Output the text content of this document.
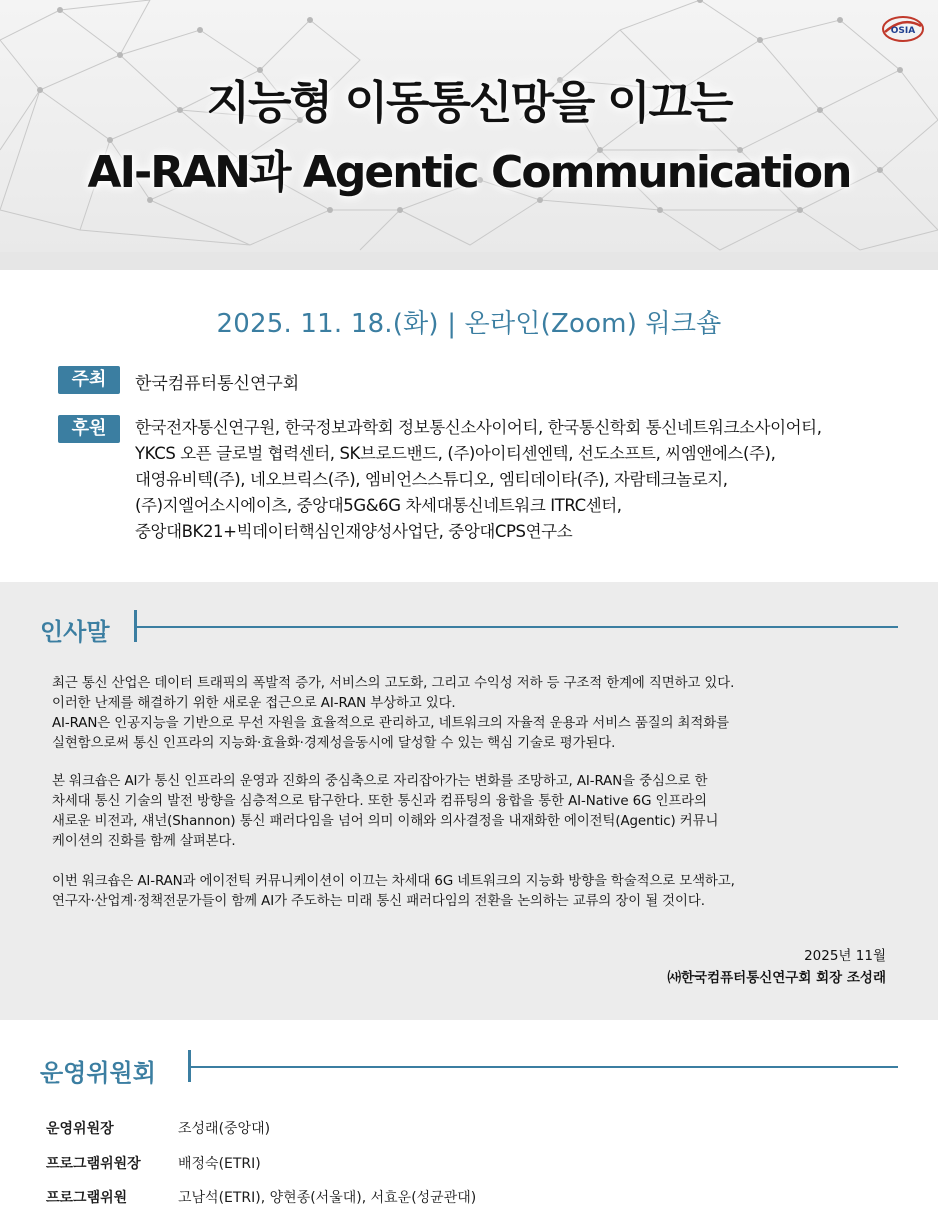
지능형 이동통신망을 이끄는
AI-RAN과 Agentic Communication
OSIA
2025. 11. 18.(화) | 온라인(Zoom) 워크숍
주최	한국컴퓨터통신연구회
후원	한국전자통신연구원, 한국정보과학회 정보통신소사이어티, 한국통신학회 통신네트워크소사이어티,
YKCS 오픈 글로벌 협력센터, SK브로드밴드, (주)아이티센엔텍, 선도소프트, 씨엠앤에스(주),
대영유비텍(주), 네오브릭스(주), 엠비언스스튜디오, 엠티데이타(주), 자람테크놀로지,
(주)지엘어소시에이츠, 중앙대5G&6G 차세대통신네트워크 ITRC센터,
중앙대BK21+빅데이터핵심인재양성사업단, 중앙대CPS연구소
인사말
최근 통신 산업은 데이터 트래픽의 폭발적 증가, 서비스의 고도화, 그리고 수익성 저하 등 구조적 한계에 직면하고 있다.
이러한 난제를 해결하기 위한 새로운 접근으로 AI-RAN 부상하고 있다.
AI-RAN은 인공지능을 기반으로 무선 자원을 효율적으로 관리하고, 네트워크의 자율적 운용과 서비스 품질의 최적화를
실현함으로써 통신 인프라의 지능화·효율화·경제성을동시에 달성할 수 있는 핵심 기술로 평가된다.
본 워크숍은 AI가 통신 인프라의 운영과 진화의 중심축으로 자리잡아가는 변화를 조망하고, AI-RAN을 중심으로 한
차세대 통신 기술의 발전 방향을 심층적으로 탐구한다. 또한 통신과 컴퓨팅의 융합을 통한 AI-Native 6G 인프라의
새로운 비전과, 섀넌(Shannon) 통신 패러다임을 넘어 의미 이해와 의사결정을 내재화한 에이전틱(Agentic) 커뮤니
케이션의 진화를 함께 살펴본다.
이번 워크숍은 AI-RAN과 에이전틱 커뮤니케이션이 이끄는 차세대 6G 네트워크의 지능화 방향을 학술적으로 모색하고,
연구자·산업계·정책전문가들이 함께 AI가 주도하는 미래 통신 패러다임의 전환을 논의하는 교류의 장이 될 것이다.
2025년 11월
㈔한국컴퓨터통신연구회 회장 조성래
운영위원회
운영위원장	조성래(중앙대)
프로그램위원장	배정숙(ETRI)
프로그램위원	고남석(ETRI), 양현종(서울대), 서효운(성균관대)
